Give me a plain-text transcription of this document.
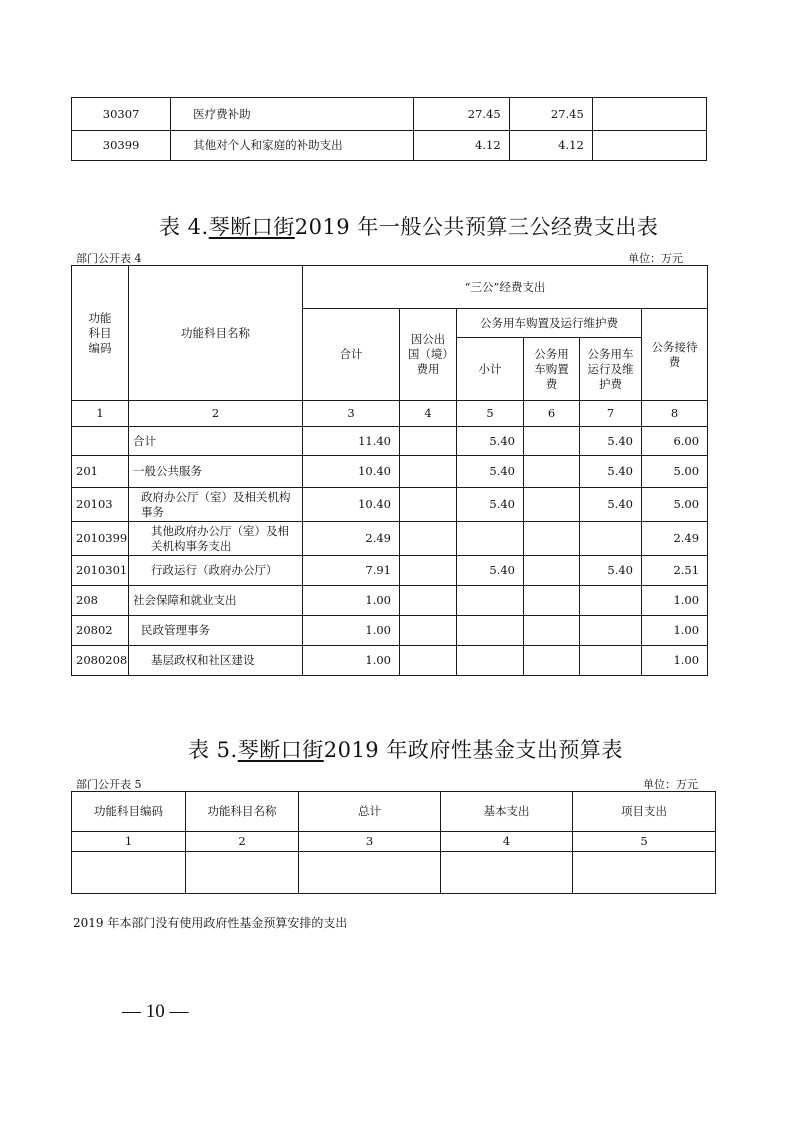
30307	医疗费补助	27.45	27.45	
30399	其他对个人和家庭的补助支出	4.12	4.12	
表 4.琴断口街2019 年一般公共预算三公经费支出表
部门公开表 4	单位：万元
功能科目编码	功能科目名称	“三公”经费支出					
		合计	因公出国（境）费用	公务用车购置及运行维护费			公务接待费
				小计	公务用车购置费	公务用车运行及维护费	
1	2	3	4	5	6	7	8
	合计	11.40		5.40		5.40	6.00
201	一般公共服务	10.40		5.40		5.40	5.00
20103	政府办公厅（室）及相关机构事务	10.40		5.40		5.40	5.00
2010399	其他政府办公厅（室）及相关机构事务支出	2.49					2.49
2010301	行政运行（政府办公厅）	7.91		5.40		5.40	2.51
208	社会保障和就业支出	1.00					1.00
20802	民政管理事务	1.00					1.00
2080208	基层政权和社区建设	1.00					1.00
表 5.琴断口街2019 年政府性基金支出预算表
部门公开表 5	单位：万元
功能科目编码	功能科目名称	总计	基本支出	项目支出
1	2	3	4	5

2019 年本部门没有使用政府性基金预算安排的支出
— 10 —
